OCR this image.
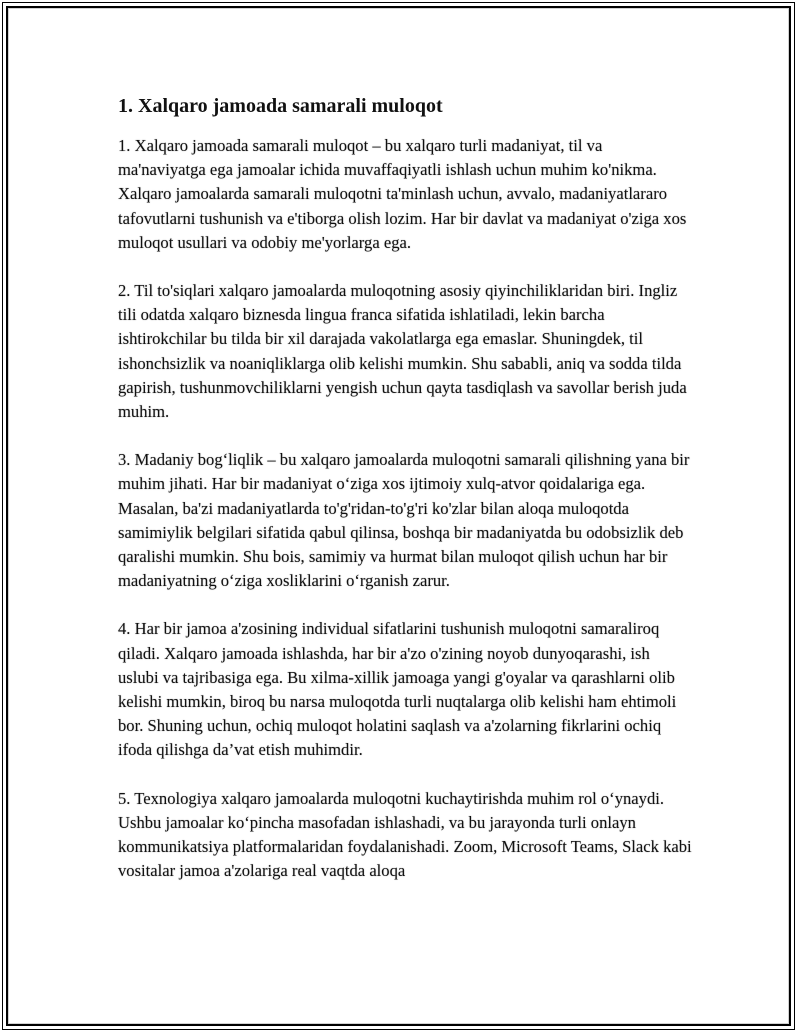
1. Xalqaro jamoada samarali muloqot

1. Xalqaro jamoada samarali muloqot – bu xalqaro turli madaniyat, til va ma'naviyatga ega jamoalar ichida muvaffaqiyatli ishlash uchun muhim ko'nikma. Xalqaro jamoalarda samarali muloqotni ta'minlash uchun, avvalo, madaniyatlararo tafovutlarni tushunish va e'tiborga olish lozim. Har bir davlat va madaniyat o'ziga xos muloqot usullari va odobiy me'yorlarga ega.

2. Til to'siqlari xalqaro jamoalarda muloqotning asosiy qiyinchiliklaridan biri. Ingliz tili odatda xalqaro biznesda lingua franca sifatida ishlatiladi, lekin barcha ishtirokchilar bu tilda bir xil darajada vakolatlarga ega emaslar. Shuningdek, til ishonchsizlik va noaniqliklarga olib kelishi mumkin. Shu sababli, aniq va sodda tilda gapirish, tushunmovchiliklarni yengish uchun qayta tasdiqlash va savollar berish juda muhim.

3. Madaniy bog‘liqlik – bu xalqaro jamoalarda muloqotni samarali qilishning yana bir muhim jihati. Har bir madaniyat o‘ziga xos ijtimoiy xulq-atvor qoidalariga ega. Masalan, ba'zi madaniyatlarda to'g'ridan-to'g'ri ko'zlar bilan aloqa muloqotda samimiylik belgilari sifatida qabul qilinsa, boshqa bir madaniyatda bu odobsizlik deb qaralishi mumkin. Shu bois, samimiy va hurmat bilan muloqot qilish uchun har bir madaniyatning o‘ziga xosliklarini o‘rganish zarur.

4. Har bir jamoa a'zosining individual sifatlarini tushunish muloqotni samaraliroq qiladi. Xalqaro jamoada ishlashda, har bir a'zo o'zining noyob dunyoqarashi, ish uslubi va tajribasiga ega. Bu xilma-xillik jamoaga yangi g'oyalar va qarashlarni olib kelishi mumkin, biroq bu narsa muloqotda turli nuqtalarga olib kelishi ham ehtimoli bor. Shuning uchun, ochiq muloqot holatini saqlash va a'zolarning fikrlarini ochiq ifoda qilishga da’vat etish muhimdir.

5. Texnologiya xalqaro jamoalarda muloqotni kuchaytirishda muhim rol o‘ynaydi. Ushbu jamoalar ko‘pincha masofadan ishlashadi, va bu jarayonda turli onlayn kommunikatsiya platformalaridan foydalanishadi. Zoom, Microsoft Teams, Slack kabi vositalar jamoa a'zolariga real vaqtda aloqa
